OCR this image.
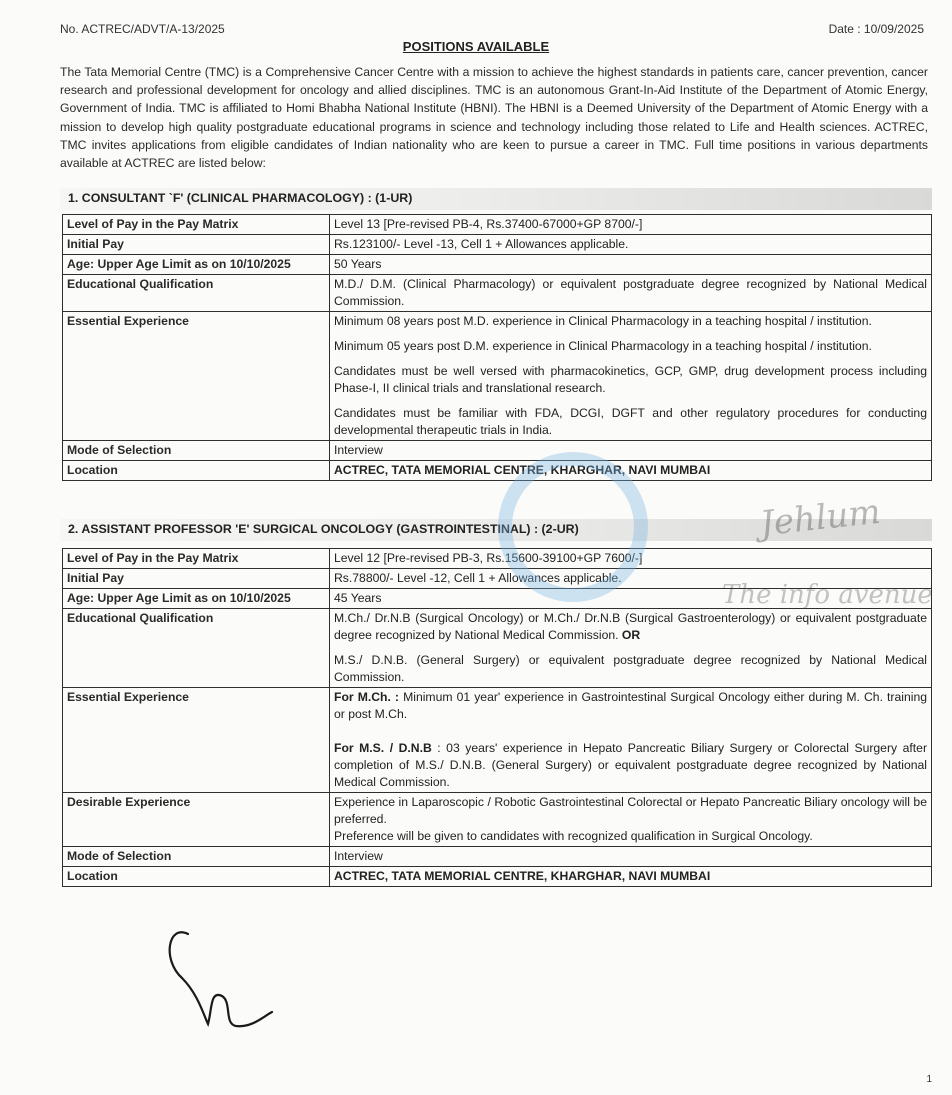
No. ACTREC/ADVT/A-13/2025	Date : 10/09/2025
POSITIONS AVAILABLE

The Tata Memorial Centre (TMC) is a Comprehensive Cancer Centre with a mission to achieve the highest standards in patients care, cancer prevention, cancer research and professional development for oncology and allied disciplines. TMC is an autonomous Grant-In-Aid Institute of the Department of Atomic Energy, Government of India. TMC is affiliated to Homi Bhabha National Institute (HBNI). The HBNI is a Deemed University of the Department of Atomic Energy with a mission to develop high quality postgraduate educational programs in science and technology including those related to Life and Health sciences. ACTREC, TMC invites applications from eligible candidates of Indian nationality who are keen to pursue a career in TMC. Full time positions in various departments available at ACTREC are listed below:

1. CONSULTANT `F' (CLINICAL PHARMACOLOGY) : (1-UR)
Level of Pay in the Pay Matrix	Level 13 [Pre-revised PB-4, Rs.37400-67000+GP 8700/-]
Initial Pay	Rs.123100/- Level -13, Cell 1 + Allowances applicable.
Age: Upper Age Limit as on 10/10/2025	50 Years
Educational Qualification	M.D./ D.M. (Clinical Pharmacology) or equivalent postgraduate degree recognized by National Medical Commission.

Essential Experience	Minimum 08 years post M.D. experience in Clinical Pharmacology in a teaching hospital / institution.

Minimum 05 years post D.M. experience in Clinical Pharmacology in a teaching hospital / institution.

Candidates must be well versed with pharmacokinetics, GCP, GMP, drug development process including Phase-I, II clinical trials and translational research.

Candidates must be familiar with FDA, DCGI, DGFT and other regulatory procedures for conducting developmental therapeutic trials in India.

Mode of Selection	Interview
Location	ACTREC, TATA MEMORIAL CENTRE, KHARGHAR, NAVI MUMBAI
2. ASSISTANT PROFESSOR 'E' SURGICAL ONCOLOGY (GASTROINTESTINAL) : (2-UR)
Level of Pay in the Pay Matrix	Level 12 [Pre-revised PB-3, Rs.15600-39100+GP 7600/-]
Initial Pay	Rs.78800/- Level -12, Cell 1 + Allowances applicable.
Age: Upper Age Limit as on 10/10/2025	45 Years
Educational Qualification	M.Ch./ Dr.N.B (Surgical Oncology) or M.Ch./ Dr.N.B (Surgical Gastroenterology) or equivalent postgraduate degree recognized by National Medical Commission. OR

M.S./ D.N.B. (General Surgery) or equivalent postgraduate degree recognized by National Medical Commission.

Essential Experience	For M.Ch. : Minimum 01 year' experience in Gastrointestinal Surgical Oncology either during M. Ch. training or post M.Ch.

For M.S. / D.N.B : 03 years' experience in Hepato Pancreatic Biliary Surgery or Colorectal Surgery after completion of M.S./ D.N.B. (General Surgery) or equivalent postgraduate degree recognized by National Medical Commission.

Desirable Experience	Experience in Laparoscopic / Robotic Gastrointestinal Colorectal or Hepato Pancreatic Biliary oncology will be preferred.

Preference will be given to candidates with recognized qualification in Surgical Oncology.

Mode of Selection	Interview
Location	ACTREC, TATA MEMORIAL CENTRE, KHARGHAR, NAVI MUMBAI
Jehlum
The info avenue
1
